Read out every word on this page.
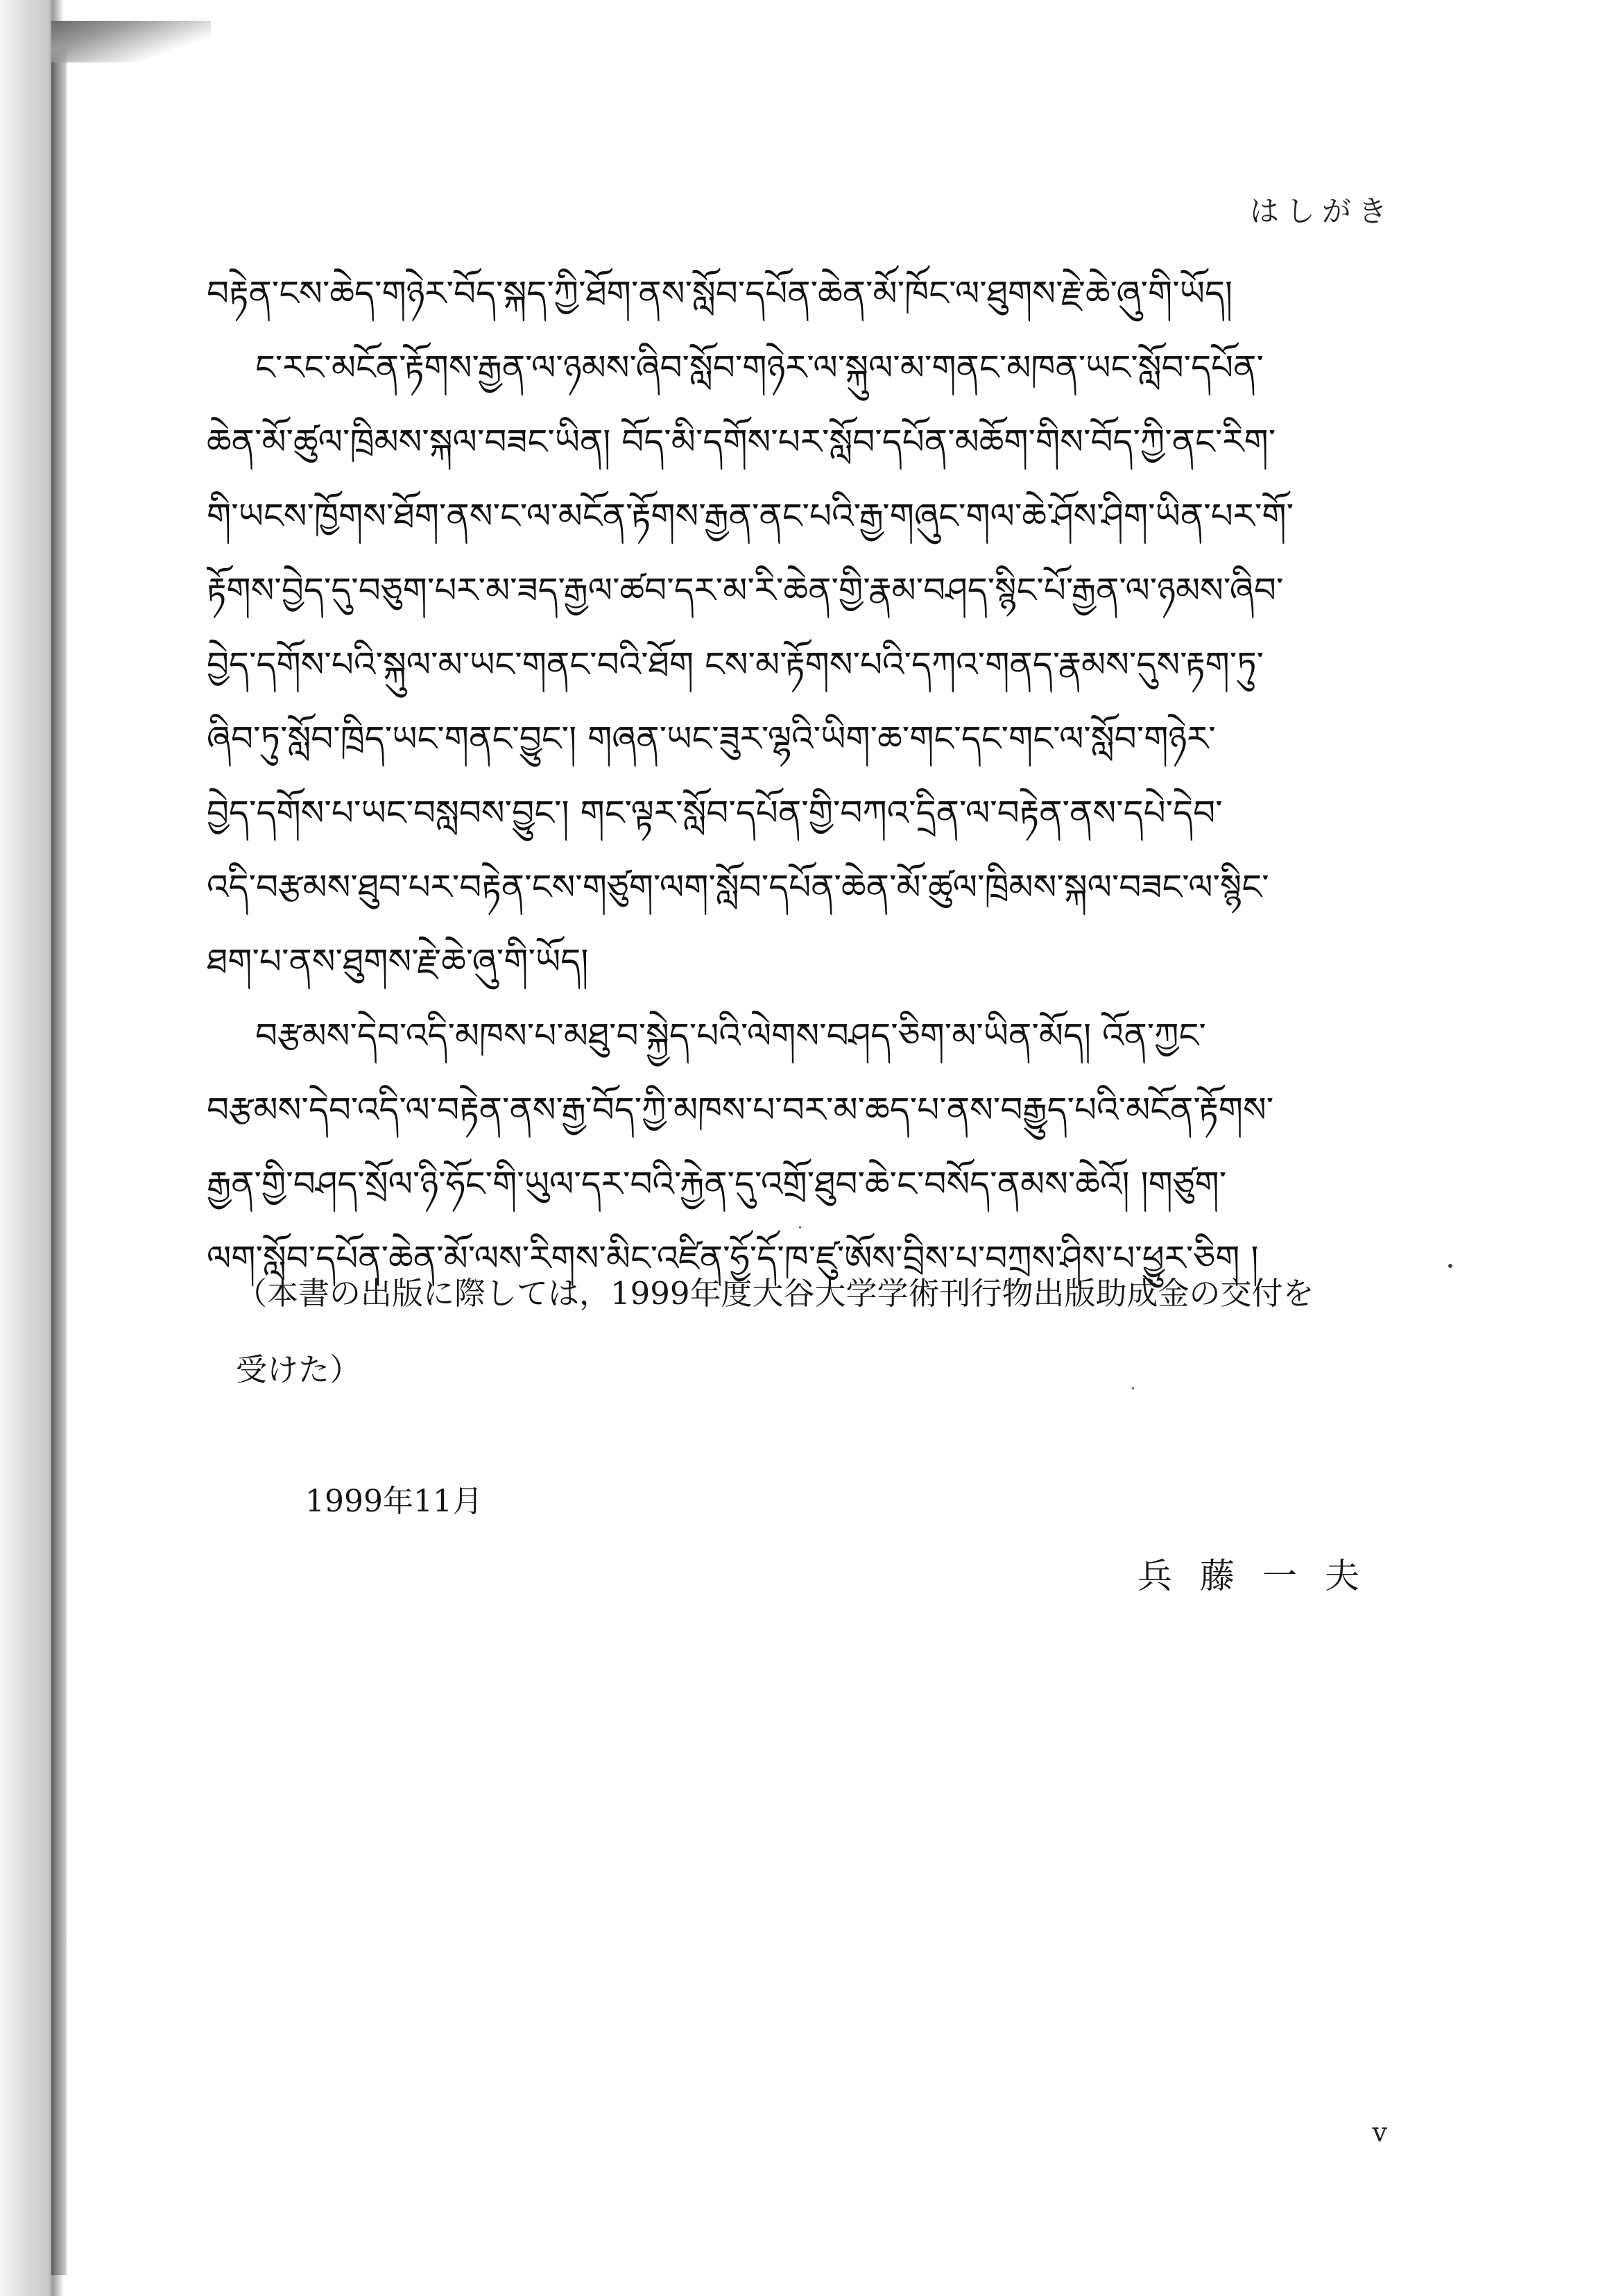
はしがき

བརྟེན་ངས་ཆེད་གཉེར་བོད་སྐད་ཀྱི་ཐོག་ནས་སློབ་དཔོན་ཆེན་མོ་ཁོང་ལ་ཐུགས་རྗེ་ཆེ་ཞུ་གི་ཡོད།

ང་རང་མངོན་རྟོགས་རྒྱན་ལ་ཉམས་ཞིབ་སློབ་གཉེར་ལ་སྐུལ་མ་གནང་མཁན་ཡང་སློབ་དཔོན་

ཆེན་མོ་ཚུལ་ཁྲིམས་སྐལ་བཟང་ཡིན། བོད་མི་དགོས་པར་སློབ་དཔོན་མཆོག་གིས་བོད་ཀྱི་ནང་རིག་

གི་ཡངས་ཁྱོགས་ཐོག་ནས་ང་ལ་མངོན་རྟོགས་རྒྱན་ནང་པའི་རྒྱ་གཞུང་གལ་ཆེ་ཤོས་ཤིག་ཡིན་པར་གོ་

རྟོགས་བྱེད་དུ་བཅུག་པར་མ་ཟད་རྒྱལ་ཚབ་དར་མ་རི་ཆེན་གྱི་རྣམ་བཤད་སྙིང་པོ་རྒྱན་ལ་ཉམས་ཞིབ་

བྱེད་དགོས་པའི་སྐུལ་མ་ཡང་གནང་བའི་ཐོག ངས་མ་རྟོགས་པའི་དཀའ་གནད་རྣམས་དུས་རྟག་ཏུ་

ཞིབ་ཏུ་སློབ་ཁྲིད་ཡང་གནང་བྱུང་། གཞན་ཡང་ཟུར་ལྷའི་ཡིག་ཆ་གང་དང་གང་ལ་སློབ་གཉེར་

བྱེད་དགོས་པ་ཡང་བསླབས་བྱུང་། གང་ལྟར་སློབ་དཔོན་གྱི་བཀའ་དྲིན་ལ་བརྟེན་ནས་དཔེ་དེབ་

འདི་བརྩམས་ཐུབ་པར་བརྟེན་ངས་གཙུག་ལག་སློབ་དཔོན་ཆེན་མོ་ཚུལ་ཁྲིམས་སྐལ་བཟང་ལ་སྙིང་

ཐག་པ་ནས་ཐུགས་རྗེ་ཆེ་ཞུ་གི་ཡོད།

བརྩམས་དེབ་འདི་མཁས་པ་མཐུ་བ་སྐྱེད་པའི་ལེགས་བཤད་ཅིག་མ་ཡིན་མོད། འོན་ཀྱང་

བརྩམས་དེབ་འདི་ལ་བརྟེན་ནས་རྒྱ་བོད་ཀྱི་མཁས་པ་བར་མ་ཆད་པ་ནས་བརྒྱུད་པའི་མངོན་རྟོགས་

རྒྱན་གྱི་བཤད་སྲོལ་ཉི་ཧོང་གི་ཡུལ་དར་བའི་རྐྱེན་དུ་འགྲོ་ཐུབ་ཆེ་ང་བསོད་ནམས་ཆེའོ། །གཙུག་

ལག་སློབ་དཔོན་ཆེན་མོ་ལས་རིགས་མིང་འཛིན་ཧྱོ་དོ་ཁ་ཛུ་ཨོས་བྲིས་པ་བཀྲས་ཤིས་པ་ཕྱུར་ཅིག །

（本書の出版に際しては，1999年度大谷大学学術刊行物出版助成金の交付を

受けた）

1999年11月
兵藤一夫
v
